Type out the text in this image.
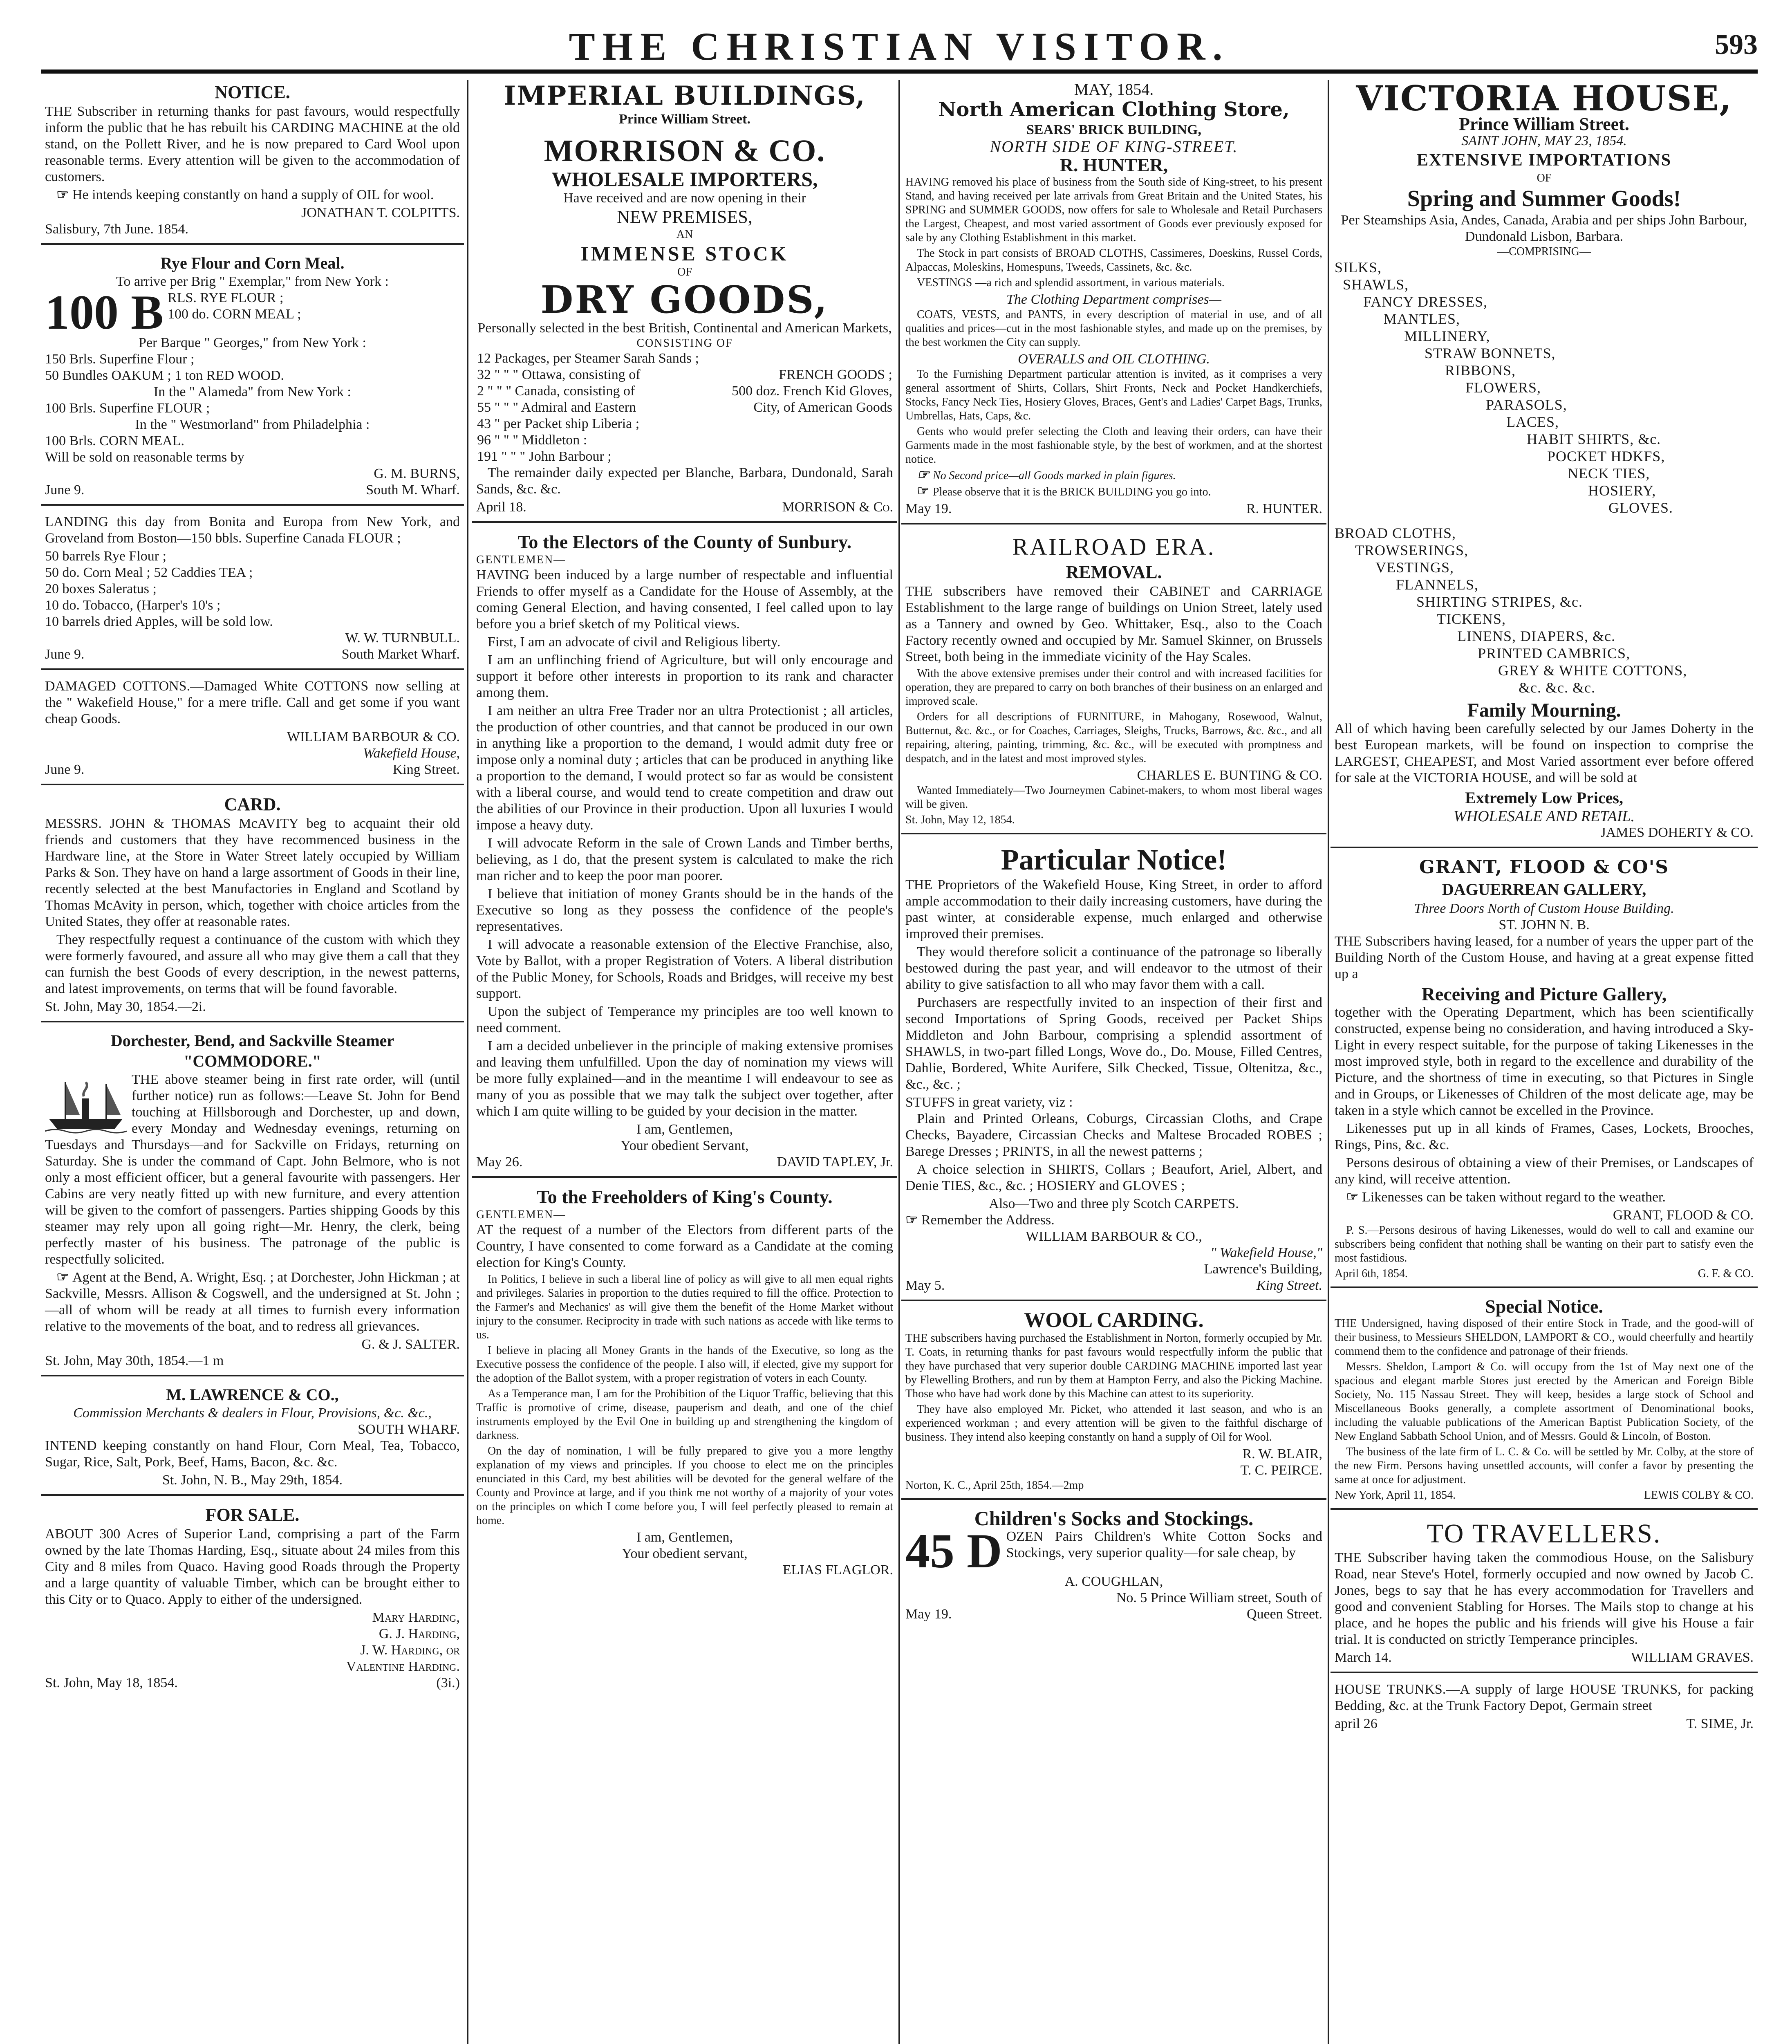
THE CHRISTIAN VISITOR.	593
NOTICE.

THE Subscriber in returning thanks for past favours, would respectfully inform the public that he has rebuilt his CARDING MACHINE at the old stand, on the Pollett River, and he is now prepared to Card Wool upon reasonable terms. Every attention will be given to the accommodation of customers.

☞ He intends keeping constantly on hand a supply of OIL for wool.

JONATHAN T. COLPITTS.
Salisbury, 7th June. 1854.
Rye Flour and Corn Meal.
To arrive per Brig " Exemplar," from New York :
100 B RLS. RYE FLOUR ;
100 do. CORN MEAL ;
Per Barque " Georges," from New York :
150 Brls. Superfine Flour ;
50 Bundles OAKUM ; 1 ton RED WOOD.
In the " Alameda" from New York :
100 Brls. Superfine FLOUR ;
In the " Westmorland" from Philadelphia :
100 Brls. CORN MEAL.
Will be sold on reasonable terms by
G. M. BURNS,
June 9.	South M. Wharf.

LANDING this day from Bonita and Europa from New York, and Groveland from Boston—150 bbls. Superfine Canada FLOUR ;

50 barrels Rye Flour ;
50 do. Corn Meal ; 52 Caddies TEA ;
20 boxes Saleratus ;
10 do. Tobacco, (Harper's 10's ;
10 barrels dried Apples, will be sold low.
W. W. TURNBULL.
June 9.	South Market Wharf.

DAMAGED COTTONS.—Damaged White COTTONS now selling at the " Wakefield House," for a mere trifle. Call and get some if you want cheap Goods.

WILLIAM BARBOUR & CO.
Wakefield House,
June 9.	King Street.
CARD.

MESSRS. JOHN & THOMAS McAVITY beg to acquaint their old friends and customers that they have recommenced business in the Hardware line, at the Store in Water Street lately occupied by William Parks & Son. They have on hand a large assortment of Goods in their line, recently selected at the best Manufactories in England and Scotland by Thomas McAvity in person, which, together with choice articles from the United States, they offer at reasonable rates.

They respectfully request a continuance of the custom with which they were formerly favoured, and assure all who may give them a call that they can furnish the best Goods of every description, in the newest patterns, and latest improvements, on terms that will be found favorable.

St. John, May 30, 1854.—2i.
Dorchester, Bend, and Sackville Steamer "COMMODORE."

THE above steamer being in first rate order, will (until further notice) run as follows:—Leave St. John for Bend touching at Hillsborough and Dorchester, up and down, every Monday and Wednesday evenings, returning on Tuesdays and Thursdays—and for Sackville on Fridays, returning on Saturday. She is under the command of Capt. John Belmore, who is not only a most efficient officer, but a general favourite with passengers. Her Cabins are very neatly fitted up with new furniture, and every attention will be given to the comfort of passengers. Parties shipping Goods by this steamer may rely upon all going right—Mr. Henry, the clerk, being perfectly master of his business. The patronage of the public is respectfully solicited.

☞ Agent at the Bend, A. Wright, Esq. ; at Dorchester, John Hickman ; at Sackville, Messrs. Allison & Cogswell, and the undersigned at St. John ;—all of whom will be ready at all times to furnish every information relative to the movements of the boat, and to redress all grievances.

G. & J. SALTER.
St. John, May 30th, 1854.—1 m
M. LAWRENCE & CO.,
Commission Merchants & dealers in Flour, Provisions, &c. &c.,
SOUTH WHARF.

INTEND keeping constantly on hand Flour, Corn Meal, Tea, Tobacco, Sugar, Rice, Salt, Pork, Beef, Hams, Bacon, &c. &c.

St. John, N. B., May 29th, 1854.
FOR SALE.

ABOUT 300 Acres of Superior Land, comprising a part of the Farm owned by the late Thomas Harding, Esq., situate about 24 miles from this City and 8 miles from Quaco. Having good Roads through the Property and a large quantity of valuable Timber, which can be brought either to this City or to Quaco. Apply to either of the undersigned.

Mary Harding,
G. J. Harding,
J. W. Harding, or
Valentine Harding.
St. John, May 18, 1854.	(3i.)
IMPERIAL BUILDINGS,
Prince William Street.
MORRISON & CO.
WHOLESALE IMPORTERS,
Have received and are now opening in their
NEW PREMISES,
AN
IMMENSE STOCK
OF
DRY GOODS,
Personally selected in the best British, Continental and American Markets,
CONSISTING OF
12 Packages, per Steamer Sarah Sands ;	
32 " " " Ottawa, consisting of	FRENCH GOODS ;
2 " " " Canada, consisting of	500 doz. French Kid Gloves,
55 " " " Admiral and Eastern	City, of American Goods
43 " per Packet ship Liberia ;	
96 " " " Middleton :	
191 " " " John Barbour ;	

The remainder daily expected per Blanche, Barbara, Dundonald, Sarah Sands, &c. &c.

April 18.	MORRISON & Co.
To the Electors of the County of Sunbury.
GENTLEMEN—

HAVING been induced by a large number of respectable and influential Friends to offer myself as a Candidate for the House of Assembly, at the coming General Election, and having consented, I feel called upon to lay before you a brief sketch of my Political views.

First, I am an advocate of civil and Religious liberty.

I am an unflinching friend of Agriculture, but will only encourage and support it before other interests in proportion to its rank and character among them.

I am neither an ultra Free Trader nor an ultra Protectionist ; all articles, the production of other countries, and that cannot be produced in our own in anything like a proportion to the demand, I would admit duty free or impose only a nominal duty ; articles that can be produced in anything like a proportion to the demand, I would protect so far as would be consistent with a liberal course, and would tend to create competition and draw out the abilities of our Province in their production. Upon all luxuries I would impose a heavy duty.

I will advocate Reform in the sale of Crown Lands and Timber berths, believing, as I do, that the present system is calculated to make the rich man richer and to keep the poor man poorer.

I believe that initiation of money Grants should be in the hands of the Executive so long as they possess the confidence of the people's representatives.

I will advocate a reasonable extension of the Elective Franchise, also, Vote by Ballot, with a proper Registration of Voters. A liberal distribution of the Public Money, for Schools, Roads and Bridges, will receive my best support.

Upon the subject of Temperance my principles are too well known to need comment.

I am a decided unbeliever in the principle of making extensive promises and leaving them unfulfilled. Upon the day of nomination my views will be more fully explained—and in the meantime I will endeavour to see as many of you as possible that we may talk the subject over together, after which I am quite willing to be guided by your decision in the matter.

I am, Gentlemen,
Your obedient Servant,
May 26.	DAVID TAPLEY, Jr.
To the Freeholders of King's County.
GENTLEMEN—

AT the request of a number of the Electors from different parts of the Country, I have consented to come forward as a Candidate at the coming election for King's County.

In Politics, I believe in such a liberal line of policy as will give to all men equal rights and privileges. Salaries in proportion to the duties required to fill the office. Protection to the Farmer's and Mechanics' as will give them the benefit of the Home Market without injury to the consumer. Reciprocity in trade with such nations as accede with like terms to us.

I believe in placing all Money Grants in the hands of the Executive, so long as the Executive possess the confidence of the people. I also will, if elected, give my support for the adoption of the Ballot system, with a proper registration of voters in each County.

As a Temperance man, I am for the Prohibition of the Liquor Traffic, believing that this Traffic is promotive of crime, disease, pauperism and death, and one of the chief instruments employed by the Evil One in building up and strengthening the kingdom of darkness.

On the day of nomination, I will be fully prepared to give you a more lengthy explanation of my views and principles. If you choose to elect me on the principles enunciated in this Card, my best abilities will be devoted for the general welfare of the County and Province at large, and if you think me not worthy of a majority of your votes on the principles on which I come before you, I will feel perfectly pleased to remain at home.

I am, Gentlemen,
Your obedient servant,
ELIAS FLAGLOR.
MAY, 1854.
North American Clothing Store,
SEARS' BRICK BUILDING,
NORTH SIDE OF KING-STREET.
R. HUNTER,

HAVING removed his place of business from the South side of King-street, to his present Stand, and having received per late arrivals from Great Britain and the United States, his SPRING and SUMMER GOODS, now offers for sale to Wholesale and Retail Purchasers the Largest, Cheapest, and most varied assortment of Goods ever previously exposed for sale by any Clothing Establishment in this market.

The Stock in part consists of BROAD CLOTHS, Cassimeres, Doeskins, Russel Cords, Alpaccas, Moleskins, Homespuns, Tweeds, Cassinets, &c. &c.

VESTINGS —a rich and splendid assortment, in various materials.

The Clothing Department comprises—

COATS, VESTS, and PANTS, in every description of material in use, and of all qualities and prices—cut in the most fashionable styles, and made up on the premises, by the best workmen the City can supply.

OVERALLS and OIL CLOTHING.

To the Furnishing Department particular attention is invited, as it comprises a very general assortment of Shirts, Collars, Shirt Fronts, Neck and Pocket Handkerchiefs, Stocks, Fancy Neck Ties, Hosiery Gloves, Braces, Gent's and Ladies' Carpet Bags, Trunks, Umbrellas, Hats, Caps, &c.

Gents who would prefer selecting the Cloth and leaving their orders, can have their Garments made in the most fashionable style, by the best of workmen, and at the shortest notice.

☞ No Second price—all Goods marked in plain figures.

☞ Please observe that it is the BRICK BUILDING you go into.

May 19.	R. HUNTER.
RAILROAD ERA.
REMOVAL.

THE subscribers have removed their CABINET and CARRIAGE Establishment to the large range of buildings on Union Street, lately used as a Tannery and owned by Geo. Whittaker, Esq., also to the Coach Factory recently owned and occupied by Mr. Samuel Skinner, on Brussels Street, both being in the immediate vicinity of the Hay Scales.

With the above extensive premises under their control and with increased facilities for operation, they are prepared to carry on both branches of their business on an enlarged and improved scale.

Orders for all descriptions of FURNITURE, in Mahogany, Rosewood, Walnut, Butternut, &c. &c., or for Coaches, Carriages, Sleighs, Trucks, Barrows, &c. &c., and all repairing, altering, painting, trimming, &c. &c., will be executed with promptness and despatch, and in the latest and most improved styles.

CHARLES E. BUNTING & CO.

Wanted Immediately—Two Journeymen Cabinet-makers, to whom most liberal wages will be given.

St. John, May 12, 1854.
Particular Notice!

THE Proprietors of the Wakefield House, King Street, in order to afford ample accommodation to their daily increasing customers, have during the past winter, at considerable expense, much enlarged and otherwise improved their premises.

They would therefore solicit a continuance of the patronage so liberally bestowed during the past year, and will endeavor to the utmost of their ability to give satisfaction to all who may favor them with a call.

Purchasers are respectfully invited to an inspection of their first and second Importations of Spring Goods, received per Packet Ships Middleton and John Barbour, comprising a splendid assortment of SHAWLS, in two-part filled Longs, Wove do., Do. Mouse, Filled Centres, Dahlie, Bordered, White Aurifere, Silk Checked, Tissue, Oltenitza, &c., &c., &c. ;

STUFFS in great variety, viz :

Plain and Printed Orleans, Coburgs, Circassian Cloths, and Crape Checks, Bayadere, Circassian Checks and Maltese Brocaded ROBES ; Barege Dresses ; PRINTS, in all the newest patterns ;

A choice selection in SHIRTS, Collars ; Beaufort, Ariel, Albert, and Denie TIES, &c., &c. ; HOSIERY and GLOVES ;

Also—Two and three ply Scotch CARPETS.
☞ Remember the Address.
WILLIAM BARBOUR & CO.,
" Wakefield House,"
Lawrence's Building,
May 5.	King Street.
WOOL CARDING.

THE subscribers having purchased the Establishment in Norton, formerly occupied by Mr. T. Coats, in returning thanks for past favours would respectfully inform the public that they have purchased that very superior double CARDING MACHINE imported last year by Flewelling Brothers, and run by them at Hampton Ferry, and also the Picking Machine. Those who have had work done by this Machine can attest to its superiority.

They have also employed Mr. Picket, who attended it last season, and who is an experienced workman ; and every attention will be given to the faithful discharge of business. They intend also keeping constantly on hand a supply of Oil for Wool.

R. W. BLAIR,
T. C. PEIRCE.
Norton, K. C., April 25th, 1854.—2mp
Children's Socks and Stockings.
45 D OZEN Pairs Children's White Cotton Socks and Stockings, very superior quality—for sale cheap, by
A. COUGHLAN,
No. 5 Prince William street, South of
May 19.	Queen Street.
VICTORIA HOUSE,
Prince William Street.
SAINT JOHN, MAY 23, 1854.
EXTENSIVE IMPORTATIONS
OF
Spring and Summer Goods!
Per Steamships Asia, Andes, Canada, Arabia and per ships John Barbour, Dundonald Lisbon, Barbara.
—COMPRISING—
SILKS,
SHAWLS,
FANCY DRESSES,
MANTLES,
MILLINERY,
STRAW BONNETS,
RIBBONS,
FLOWERS,
PARASOLS,
LACES,
HABIT SHIRTS, &c.
POCKET HDKFS,
NECK TIES,
HOSIERY,
GLOVES.
BROAD CLOTHS,
TROWSERINGS,
VESTINGS,
FLANNELS,
SHIRTING STRIPES, &c.
TICKENS,
LINENS, DIAPERS, &c.
PRINTED CAMBRICS,
GREY & WHITE COTTONS,
&c. &c. &c.
Family Mourning.

All of which having been carefully selected by our James Doherty in the best European markets, will be found on inspection to comprise the LARGEST, CHEAPEST, and Most Varied assortment ever before offered for sale at the VICTORIA HOUSE, and will be sold at

Extremely Low Prices,
WHOLESALE AND RETAIL.
JAMES DOHERTY & CO.
GRANT, FLOOD & CO'S
DAGUERREAN GALLERY,
Three Doors North of Custom House Building.
ST. JOHN N. B.

THE Subscribers having leased, for a number of years the upper part of the Building North of the Custom House, and having at a great expense fitted up a

Receiving and Picture Gallery,

together with the Operating Department, which has been scientifically constructed, expense being no consideration, and having introduced a Sky-Light in every respect suitable, for the purpose of taking Likenesses in the most improved style, both in regard to the excellence and durability of the Picture, and the shortness of time in executing, so that Pictures in Single and in Groups, or Likenesses of Children of the most delicate age, may be taken in a style which cannot be excelled in the Province.

Likenesses put up in all kinds of Frames, Cases, Lockets, Brooches, Rings, Pins, &c. &c.

Persons desirous of obtaining a view of their Premises, or Landscapes of any kind, will receive attention.

☞ Likenesses can be taken without regard to the weather.

GRANT, FLOOD & CO.

P. S.—Persons desirous of having Likenesses, would do well to call and examine our subscribers being confident that nothing shall be wanting on their part to satisfy even the most fastidious.

April 6th, 1854.	G. F. & CO.
Special Notice.

THE Undersigned, having disposed of their entire Stock in Trade, and the good-will of their business, to Messieurs SHELDON, LAMPORT & CO., would cheerfully and heartily commend them to the confidence and patronage of their friends.

Messrs. Sheldon, Lamport & Co. will occupy from the 1st of May next one of the spacious and elegant marble Stores just erected by the American and Foreign Bible Society, No. 115 Nassau Street. They will keep, besides a large stock of School and Miscellaneous Books generally, a complete assortment of Denominational books, including the valuable publications of the American Baptist Publication Society, of the New England Sabbath School Union, and of Messrs. Gould & Lincoln, of Boston.

The business of the late firm of L. C. & Co. will be settled by Mr. Colby, at the store of the new Firm. Persons having unsettled accounts, will confer a favor by presenting the same at once for adjustment.

New York, April 11, 1854.	LEWIS COLBY & CO.
TO TRAVELLERS.

THE Subscriber having taken the commodious House, on the Salisbury Road, near Steve's Hotel, formerly occupied and now owned by Jacob C. Jones, begs to say that he has every accommodation for Travellers and good and convenient Stabling for Horses. The Mails stop to change at his place, and he hopes the public and his friends will give his House a fair trial. It is conducted on strictly Temperance principles.

March 14.	WILLIAM GRAVES.

HOUSE TRUNKS.—A supply of large HOUSE TRUNKS, for packing Bedding, &c. at the Trunk Factory Depot, Germain street

april 26	T. SIME, Jr.
